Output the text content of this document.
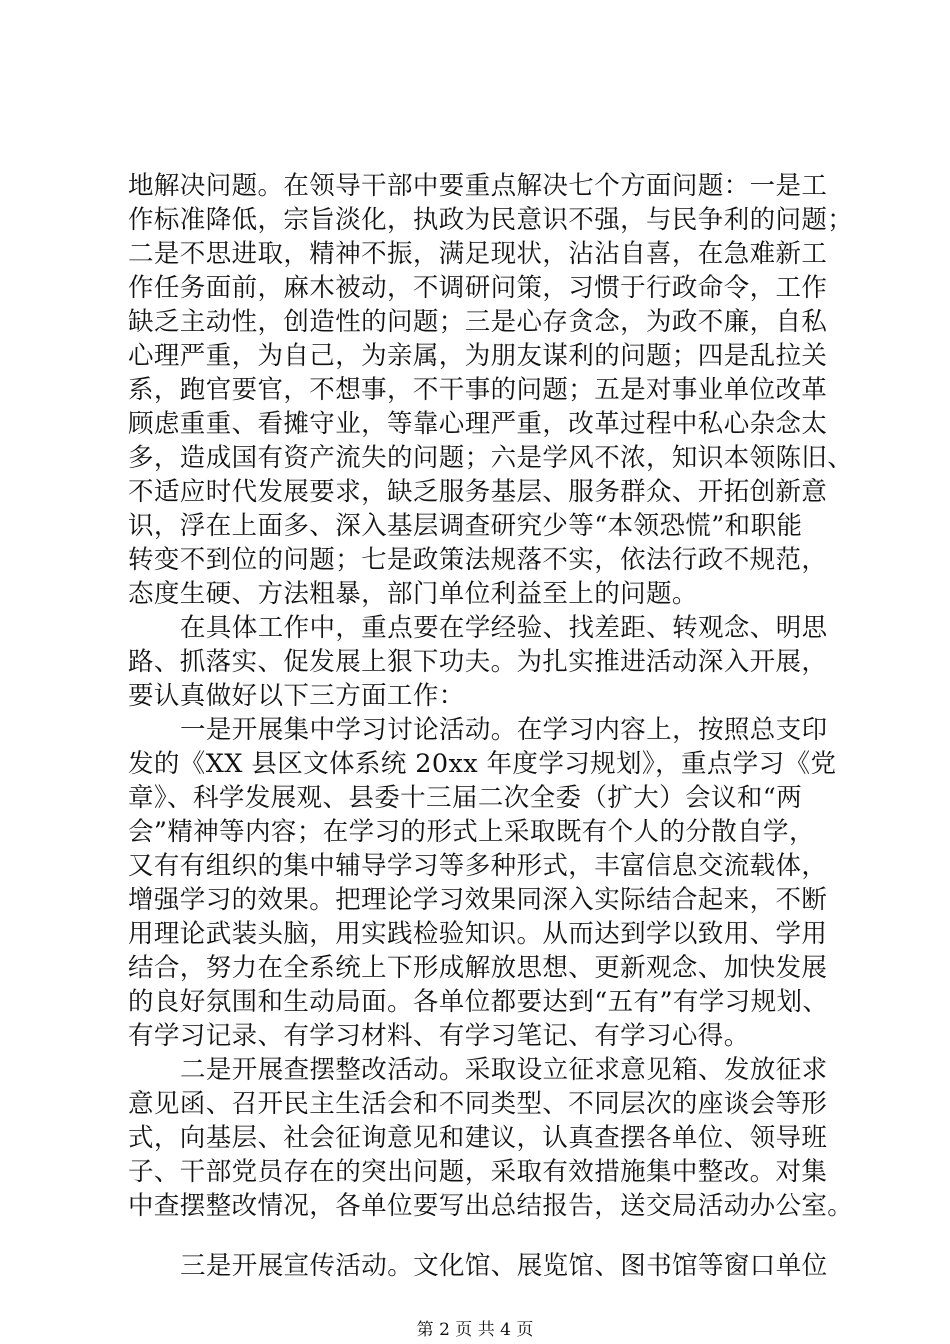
地解决问题。在领导干部中要重点解决七个方面问题：一是工
作标准降低，宗旨淡化，执政为民意识不强，与民争利的问题；
二是不思进取，精神不振，满足现状，沾沾自喜，在急难新工
作任务面前，麻木被动，不调研问策，习惯于行政命令，工作
缺乏主动性，创造性的问题；三是心存贪念，为政不廉，自私
心理严重，为自己，为亲属，为朋友谋利的问题；四是乱拉关
系，跑官要官，不想事，不干事的问题；五是对事业单位改革
顾虑重重、看摊守业，等靠心理严重，改革过程中私心杂念太
多，造成国有资产流失的问题；六是学风不浓，知识本领陈旧、
不适应时代发展要求，缺乏服务基层、服务群众、开拓创新意
识，浮在上面多、深入基层调查研究少等“本领恐慌”和职能
转变不到位的问题；七是政策法规落不实，依法行政不规范，
态度生硬、方法粗暴，部门单位利益至上的问题。
在具体工作中，重点要在学经验、找差距、转观念、明思
路、抓落实、促发展上狠下功夫。为扎实推进活动深入开展，
要认真做好以下三方面工作：
一是开展集中学习讨论活动。在学习内容上，按照总支印
发的《XX 县区文体系统 20xx 年度学习规划》，重点学习《党
章》、科学发展观、县委十三届二次全委（扩大）会议和“两
会”精神等内容；在学习的形式上采取既有个人的分散自学，
又有有组织的集中辅导学习等多种形式，丰富信息交流载体，
增强学习的效果。把理论学习效果同深入实际结合起来，不断
用理论武装头脑，用实践检验知识。从而达到学以致用、学用
结合，努力在全系统上下形成解放思想、更新观念、加快发展
的良好氛围和生动局面。各单位都要达到“五有”有学习规划、
有学习记录、有学习材料、有学习笔记、有学习心得。
二是开展查摆整改活动。采取设立征求意见箱、发放征求
意见函、召开民主生活会和不同类型、不同层次的座谈会等形
式，向基层、社会征询意见和建议，认真查摆各单位、领导班
子、干部党员存在的突出问题，采取有效措施集中整改。对集
中查摆整改情况，各单位要写出总结报告，送交局活动办公室。
三是开展宣传活动。文化馆、展览馆、图书馆等窗口单位
第 2 页 共 4 页
